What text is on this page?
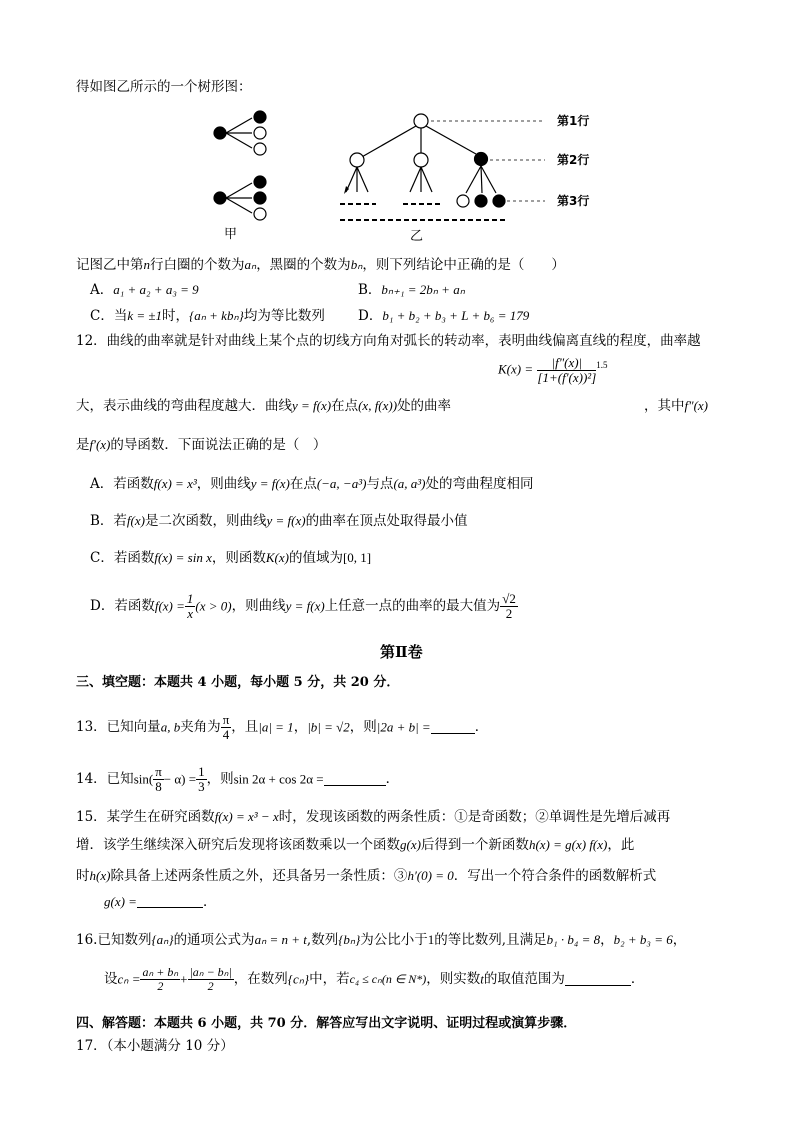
得如图乙所示的一个树形图：
第1行
第2行
第3行
甲	乙
记图乙中第n行白圈的个数为aₙ，黑圈的个数为bₙ，则下列结论中正确的是（　　）
A．a₁ + a₂ + a₃ = 9	B．bₙ₊₁ = 2bₙ + aₙ
C．当k = ±1时，{aₙ + kbₙ}均为等比数列 D．b₁ + b₂ + b₃ + L + b₆ = 179
12．曲线的曲率就是针对曲线上某个点的切线方向角对弧长的转动率，表明曲线偏离直线的程度，曲率越
$K(x) = \frac{|f"(x)|}{\text{[1+(f′(x))²]}} ^{1.5}$
大，表示曲线的弯曲程度越大．曲线y = f(x)在点(x, f(x))处的曲率	，其中f"(x)
是f′(x)的导函数．下面说法正确的是（　）
A．若函数f(x) = x³，则曲线y = f(x)在点(−a, −a³)与点(a, a³)处的弯曲程度相同
B．若f(x)是二次函数，则曲线y = f(x)的曲率在顶点处取得最小值
C．若函数f(x) = sin x，则函数K(x)的值域为[0, 1]
D．若函数$f(x) = \frac{1}{x} (x > 0)$，则曲线y = f(x)上任意一点的曲率的最大值为 $\frac{√2}{2}$
第Ⅱ卷
三、填空题：本题共 4 小题，每小题 5 分，共 20 分．
13．已知向量a, b夹角为 $\frac{\pi}{4}$ ，且|a| = 1，|b| = √2，则|2a + b| =	．
14．已知$\sin( \frac{\pi}{8} - \alpha) = \frac{1}{3}$ ，则sin 2α + cos 2α =	．
15．某学生在研究函数f(x) = x³ − x时，发现该函数的两条性质：①是奇函数；②单调性是先增后减再
增．该学生继续深入研究后发现将该函数乘以一个函数g(x)后得到一个新函数h(x) = g(x) f(x)，此
时h(x)除具备上述两条性质之外，还具备另一条性质：③h′(0) = 0．写出一个符合条件的函数解析式
g(x) =	．
16.已知数列{aₙ}的通项公式为aₙ = n + t,数列{bₙ}为公比小于1的等比数列,且满足b₁ · b₄ = 8，b₂ + b₃ = 6，
设$c_n = \frac{\text{aₙ + bₙ}}{2} + \frac{\text{|aₙ − bₙ|}}{2}$ ，在数列{cₙ}中，若c₄ ≤ cₙ(n ∈ N*)，则实数t的取值范围为	．
四、解答题：本题共 6 小题，共 70 分．解答应写出文字说明、证明过程或演算步骤．
17．（本小题满分 10 分）
